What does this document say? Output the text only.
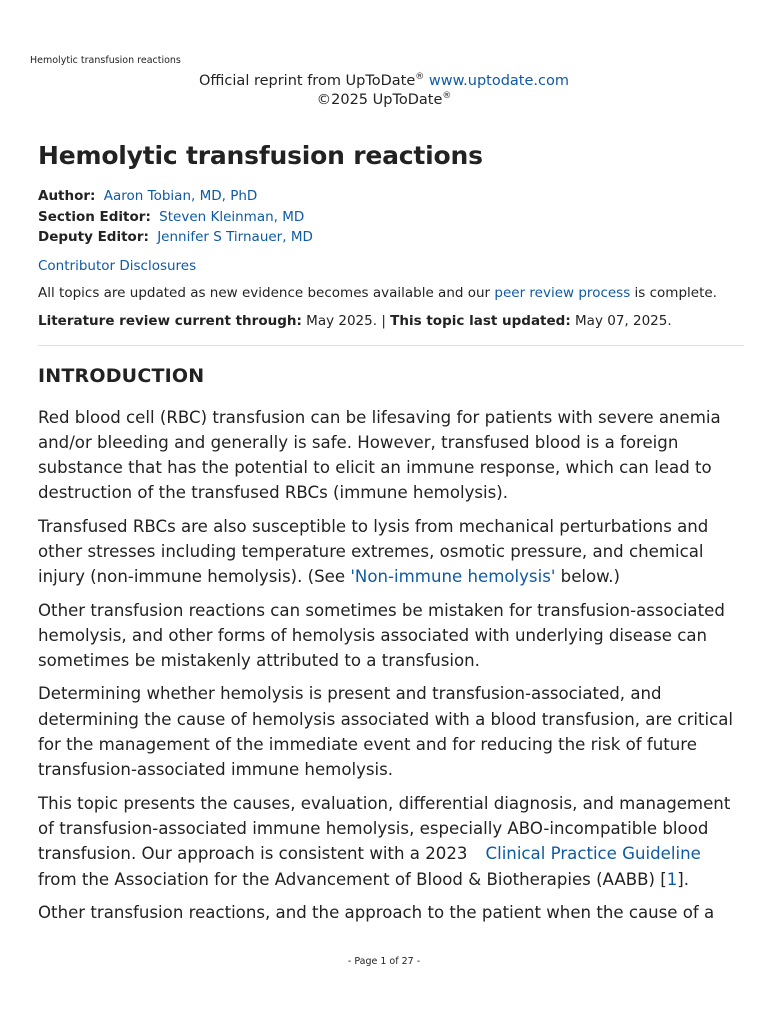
Hemolytic transfusion reactions
Official reprint from UpToDate® www.uptodate.com
©2025 UpToDate®
Hemolytic transfusion reactions
Author: Aaron Tobian, MD, PhD
Section Editor: Steven Kleinman, MD
Deputy Editor: Jennifer S Tirnauer, MD
Contributor Disclosures
All topics are updated as new evidence becomes available and our peer review process is complete.
Literature review current through: May 2025. | This topic last updated: May 07, 2025.
INTRODUCTION

Red blood cell (RBC) transfusion can be lifesaving for patients with severe anemia and/or bleeding and generally is safe. However, transfused blood is a foreign substance that has the potential to elicit an immune response, which can lead to destruction of the transfused RBCs (immune hemolysis).

Transfused RBCs are also susceptible to lysis from mechanical perturbations and other stresses including temperature extremes, osmotic pressure, and chemical injury (non-immune hemolysis). (See 'Non-immune hemolysis' below.)

Other transfusion reactions can sometimes be mistaken for transfusion-associated hemolysis, and other forms of hemolysis associated with underlying disease can sometimes be mistakenly attributed to a transfusion.

Determining whether hemolysis is present and transfusion-associated, and determining the cause of hemolysis associated with a blood transfusion, are critical for the management of the immediate event and for reducing the risk of future transfusion-associated immune hemolysis.

This topic presents the causes, evaluation, differential diagnosis, and management of transfusion-associated immune hemolysis, especially ABO-incompatible blood transfusion. Our approach is consistent with a 2023 Clinical Practice Guideline from the Association for the Advancement of Blood & Biotherapies (AABB) [1].

Other transfusion reactions, and the approach to the patient when the cause of a

- Page 1 of 27 -
